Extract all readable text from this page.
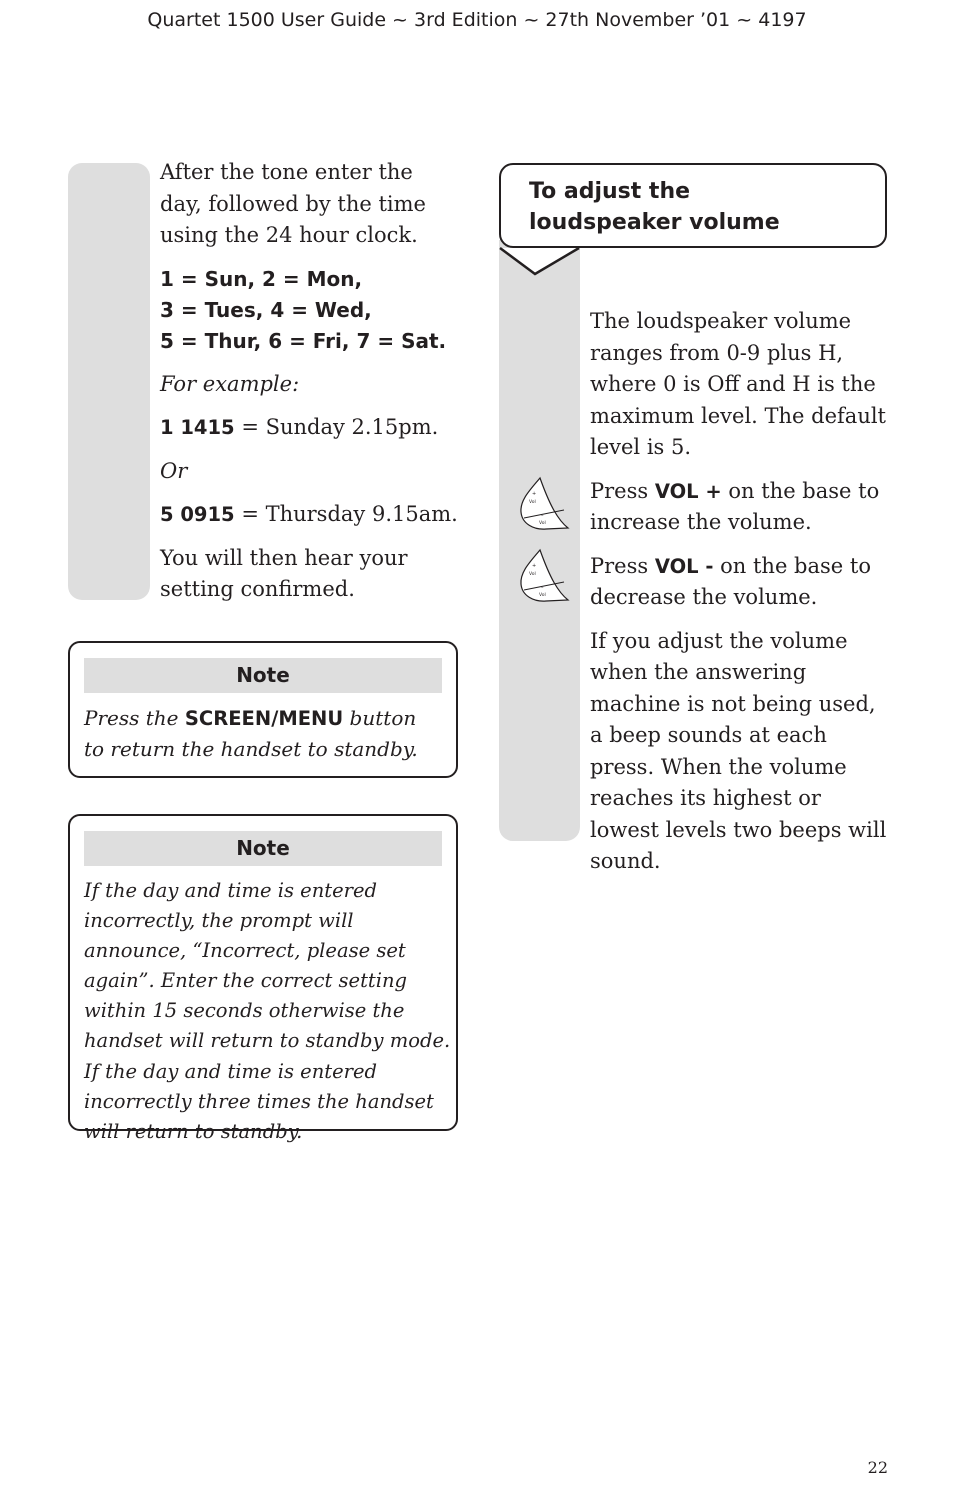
Quartet 1500 User Guide ~ 3rd Edition ~ 27th November ’01 ~ 4197

After the tone enter the day, followed by the time using the 24 hour clock.

1 = Sun, 2 = Mon,
3 = Tues, 4 = Wed,
5 = Thur, 6 = Fri, 7 = Sat.

For example:

1 1415 = Sunday 2.15pm.

Or

5 0915 = Thursday 9.15am.

You will then hear your setting confirmed.

Note
Press the SCREEN/MENU button to return the handset to standby.
Note
If the day and time is entered incorrectly, the prompt will announce, “Incorrect, please set again”. Enter the correct setting within 15 seconds otherwise the handset will return to standby mode. If the day and time is entered incorrectly three times the handset will return to standby.
To adjust the
loudspeaker volume

The loudspeaker volume ranges from 0-9 plus H, where 0 is Off and H is the maximum level. The default level is 5.

Press VOL + on the base to increase the volume.

Press VOL - on the base to decrease the volume.

If you adjust the volume when the answering machine is not being used, a beep sounds at each press. When the volume reaches its highest or lowest levels two beeps will sound.

+
Vol
–
Vol
+
Vol
–
Vol
22
